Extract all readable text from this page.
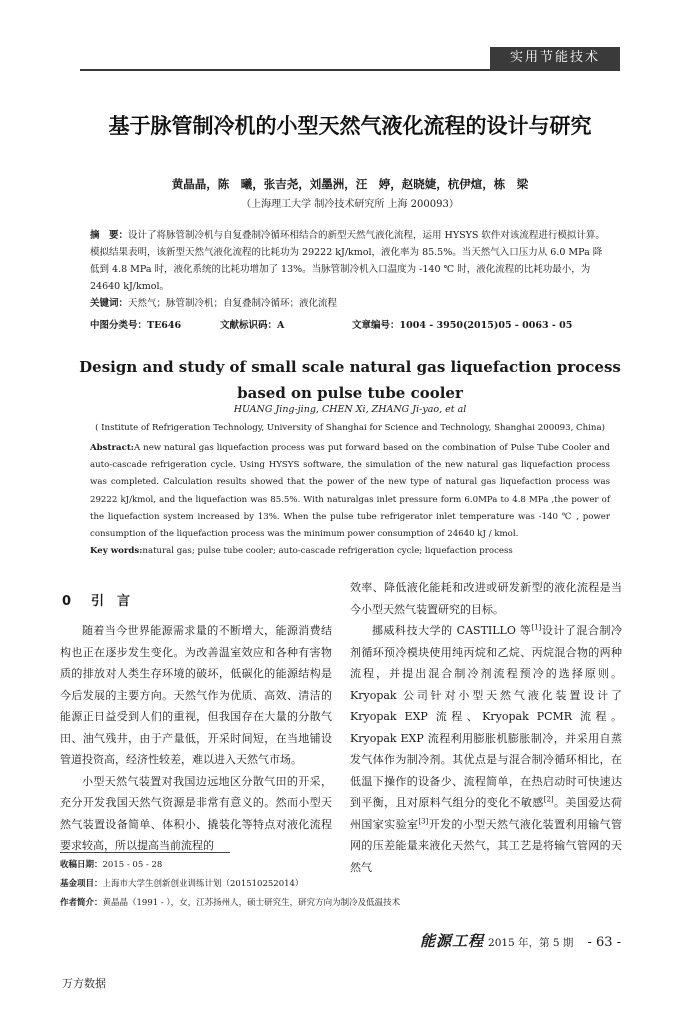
实用节能技术
基于脉管制冷机的小型天然气液化流程的设计与研究
黄晶晶，陈　曦，张吉尧，刘墨洲，汪　婷，赵晓婕，杭伊煊，栋　梁
（上海理工大学 制冷技术研究所 上海 200093）
摘　要：设计了将脉管制冷机与自复叠制冷循环相结合的新型天然气液化流程，运用 HYSYS 软件对该流程进行模拟计算。模拟结果表明，该新型天然气液化流程的比耗功为 29222 kJ/kmol，液化率为 85.5%。当天然气入口压力从 6.0 MPa 降低到 4.8 MPa 时，液化系统的比耗功增加了 13%。当脉管制冷机入口温度为 -140 ℃ 时，液化流程的比耗功最小，为 24640 kJ/kmol。
关键词：天然气；脉管制冷机；自复叠制冷循环；液化流程
中图分类号：TE646	文献标识码：A	文章编号：1004 - 3950(2015)05 - 0063 - 05
Design and study of small scale natural gas liquefaction process
based on pulse tube cooler
HUANG Jing-jing, CHEN Xi, ZHANG Ji-yao, et al
( Institute of Refrigeration Technology, University of Shanghai for Science and Technology, Shanghai 200093, China)
Abstract:A new natural gas liquefaction process was put forward based on the combination of Pulse Tube Cooler and auto-cascade refrigeration cycle. Using HYSYS software, the simulation of the new natural gas liquefaction process was completed. Calculation results showed that the power of the new type of natural gas liquefaction process was 29222 kJ/kmol, and the liquefaction was 85.5%. With naturalgas inlet pressure form 6.0MPa to 4.8 MPa ,the power of the liquefaction system increased by 13%. When the pulse tube refrigerator inlet temperature was -140 ℃ , power consumption of the liquefaction process was the minimum power consumption of 24640 kJ / kmol.
Key words:natural gas; pulse tube cooler; auto-cascade refrigeration cycle; liquefaction process
0 引　言

随着当今世界能源需求量的不断增大，能源消费结构也正在逐步发生变化。为改善温室效应和各种有害物质的排放对人类生存环境的破坏，低碳化的能源结构是今后发展的主要方向。天然气作为优质、高效、清洁的能源正日益受到人们的重视，但我国存在大量的分散气田、油气残井，由于产量低，开采时间短，在当地铺设管道投资高，经济性较差，难以进入天然气市场。

小型天然气装置对我国边远地区分散气田的开采，充分开发我国天然气资源是非常有意义的。然而小型天然气装置设备简单、体积小、撬装化等特点对液化流程要求较高，所以提高当前流程的

效率、降低液化能耗和改进或研发新型的液化流程是当今小型天然气装置研究的目标。

挪威科技大学的 CASTILLO 等[1]设计了混合制冷剂循环预冷模块使用纯丙烷和乙烷、丙烷混合物的两种流程，并提出混合制冷剂流程预冷的选择原则。Kryopak 公司针对小型天然气液化装置设计了 Kryopak EXP 流程、Kryopak PCMR 流程。Kryopak EXP 流程利用膨胀机膨胀制冷，并采用自蒸发气体作为制冷剂。其优点是与混合制冷循环相比，在低温下操作的设备少、流程简单，在热启动时可快速达到平衡，且对原料气组分的变化不敏感[2]。美国爱达荷州国家实验室[3]开发的小型天然气液化装置利用输气管网的压差能量来液化天然气，其工艺是将输气管网的天然气

收稿日期：2015 - 05 - 28
基金项目：上海市大学生创新创业训练计划（201510252014）
作者简介：黄晶晶（1991 - ），女，江苏扬州人，硕士研究生，研究方向为制冷及低温技术
能源工程 2015 年，第 5 期 - 63 -
万方数据
